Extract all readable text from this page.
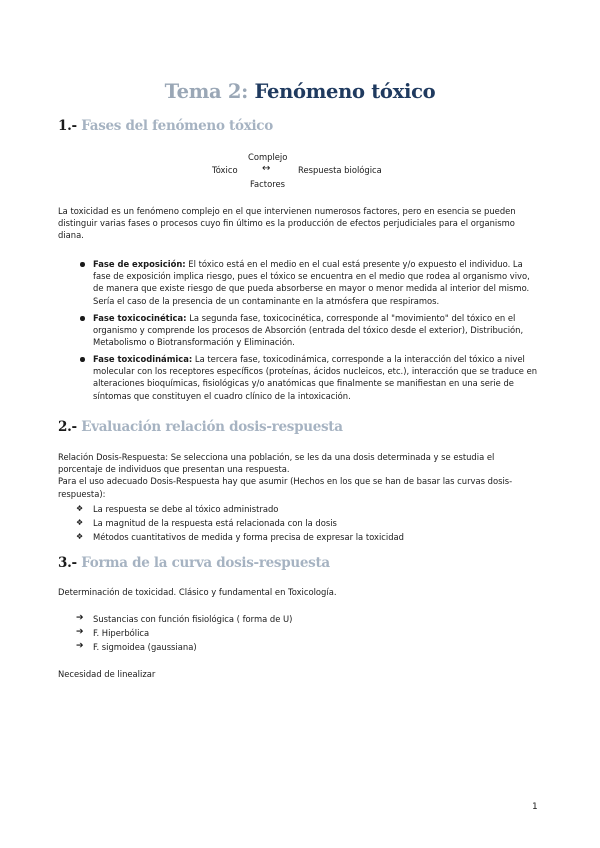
Tema 2: Fenómeno tóxico
1.- Fases del fenómeno tóxico
Complejo
Tóxico ↔	Respuesta biológica
Factores

La toxicidad es un fenómeno complejo en el que intervienen numerosos factores, pero en esencia se pueden distinguir varias fases o procesos cuyo fin último es la producción de efectos perjudiciales para el organismo diana.

Fase de exposición: El tóxico está en el medio en el cual está presente y/o expuesto el individuo. La fase de exposición implica riesgo, pues el tóxico se encuentra en el medio que rodea al organismo vivo, de manera que existe riesgo de que pueda absorberse en mayor o menor medida al interior del mismo. Sería el caso de la presencia de un contaminante en la atmósfera que respiramos.
Fase toxicocinética: La segunda fase, toxicocinética, corresponde al "movimiento" del tóxico en el organismo y comprende los procesos de Absorción (entrada del tóxico desde el exterior), Distribución, Metabolismo o Biotransformación y Eliminación.
Fase toxicodinámica: La tercera fase, toxicodinámica, corresponde a la interacción del tóxico a nivel molecular con los receptores específicos (proteínas, ácidos nucleicos, etc.), interacción que se traduce en alteraciones bioquímicas, fisiológicas y/o anatómicas que finalmente se manifiestan en una serie de síntomas que constituyen el cuadro clínico de la intoxicación.
2.- Evaluación relación dosis-respuesta

Relación Dosis-Respuesta: Se selecciona una población, se les da una dosis determinada y se estudia el porcentaje de individuos que presentan una respuesta.
Para el uso adecuado Dosis-Respuesta hay que asumir (Hechos en los que se han de basar las curvas dosis-respuesta):

❖ La respuesta se debe al tóxico administrado
❖ La magnitud de la respuesta está relacionada con la dosis
❖ Métodos cuantitativos de medida y forma precisa de expresar la toxicidad
3.- Forma de la curva dosis-respuesta

Determinación de toxicidad. Clásico y fundamental en Toxicología.

➔ Sustancias con función fisiológica ( forma de U)
➔ F. Hiperbólica
➔ F. sigmoidea (gaussiana)

Necesidad de linealizar

1
